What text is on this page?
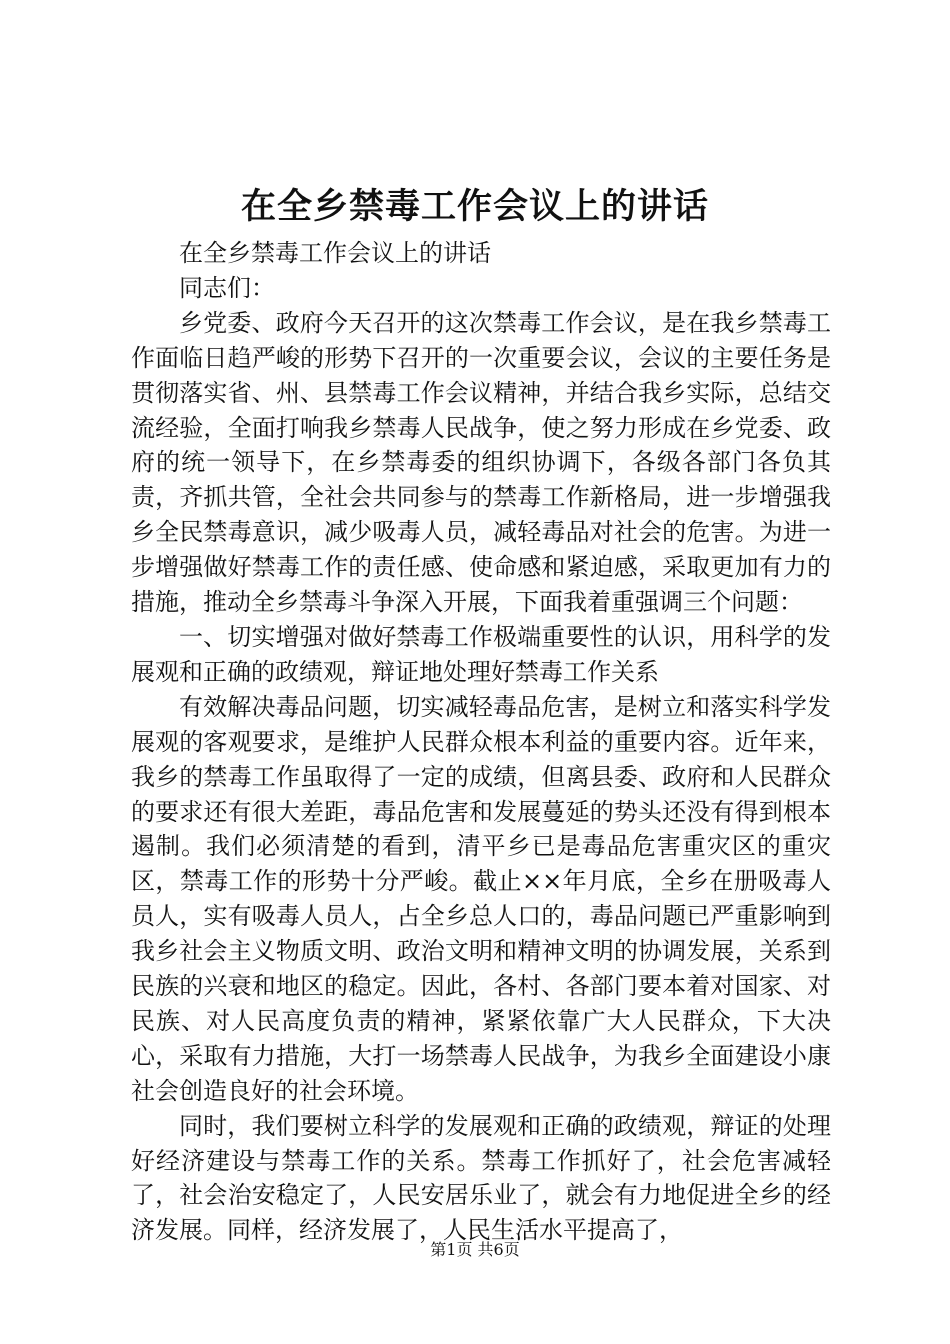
在全乡禁毒工作会议上的讲话

在全乡禁毒工作会议上的讲话

同志们：

乡党委、政府今天召开的这次禁毒工作会议，是在我乡禁毒工作面临日趋严峻的形势下召开的一次重要会议，会议的主要任务是贯彻落实省、州、县禁毒工作会议精神，并结合我乡实际，总结交流经验，全面打响我乡禁毒人民战争，使之努力形成在乡党委、政府的统一领导下，在乡禁毒委的组织协调下，各级各部门各负其责，齐抓共管，全社会共同参与的禁毒工作新格局，进一步增强我乡全民禁毒意识，减少吸毒人员，减轻毒品对社会的危害。为进一步增强做好禁毒工作的责任感、使命感和紧迫感，采取更加有力的措施，推动全乡禁毒斗争深入开展，下面我着重强调三个问题：

一、切实增强对做好禁毒工作极端重要性的认识，用科学的发展观和正确的政绩观，辩证地处理好禁毒工作关系

有效解决毒品问题，切实减轻毒品危害，是树立和落实科学发展观的客观要求，是维护人民群众根本利益的重要内容。近年来，我乡的禁毒工作虽取得了一定的成绩，但离县委、政府和人民群众的要求还有很大差距，毒品危害和发展蔓延的势头还没有得到根本遏制。我们必须清楚的看到，清平乡已是毒品危害重灾区的重灾区，禁毒工作的形势十分严峻。截止××年月底，全乡在册吸毒人员人，实有吸毒人员人，占全乡总人口的，毒品问题已严重影响到我乡社会主义物质文明、政治文明和精神文明的协调发展，关系到民族的兴衰和地区的稳定。因此，各村、各部门要本着对国家、对民族、对人民高度负责的精神，紧紧依靠广大人民群众，下大决心，采取有力措施，大打一场禁毒人民战争，为我乡全面建设小康社会创造良好的社会环境。

同时，我们要树立科学的发展观和正确的政绩观，辩证的处理好经济建设与禁毒工作的关系。禁毒工作抓好了，社会危害减轻了，社会治安稳定了，人民安居乐业了，就会有力地促进全乡的经济发展。同样，经济发展了，人民生活水平提高了，

第1页 共6页
